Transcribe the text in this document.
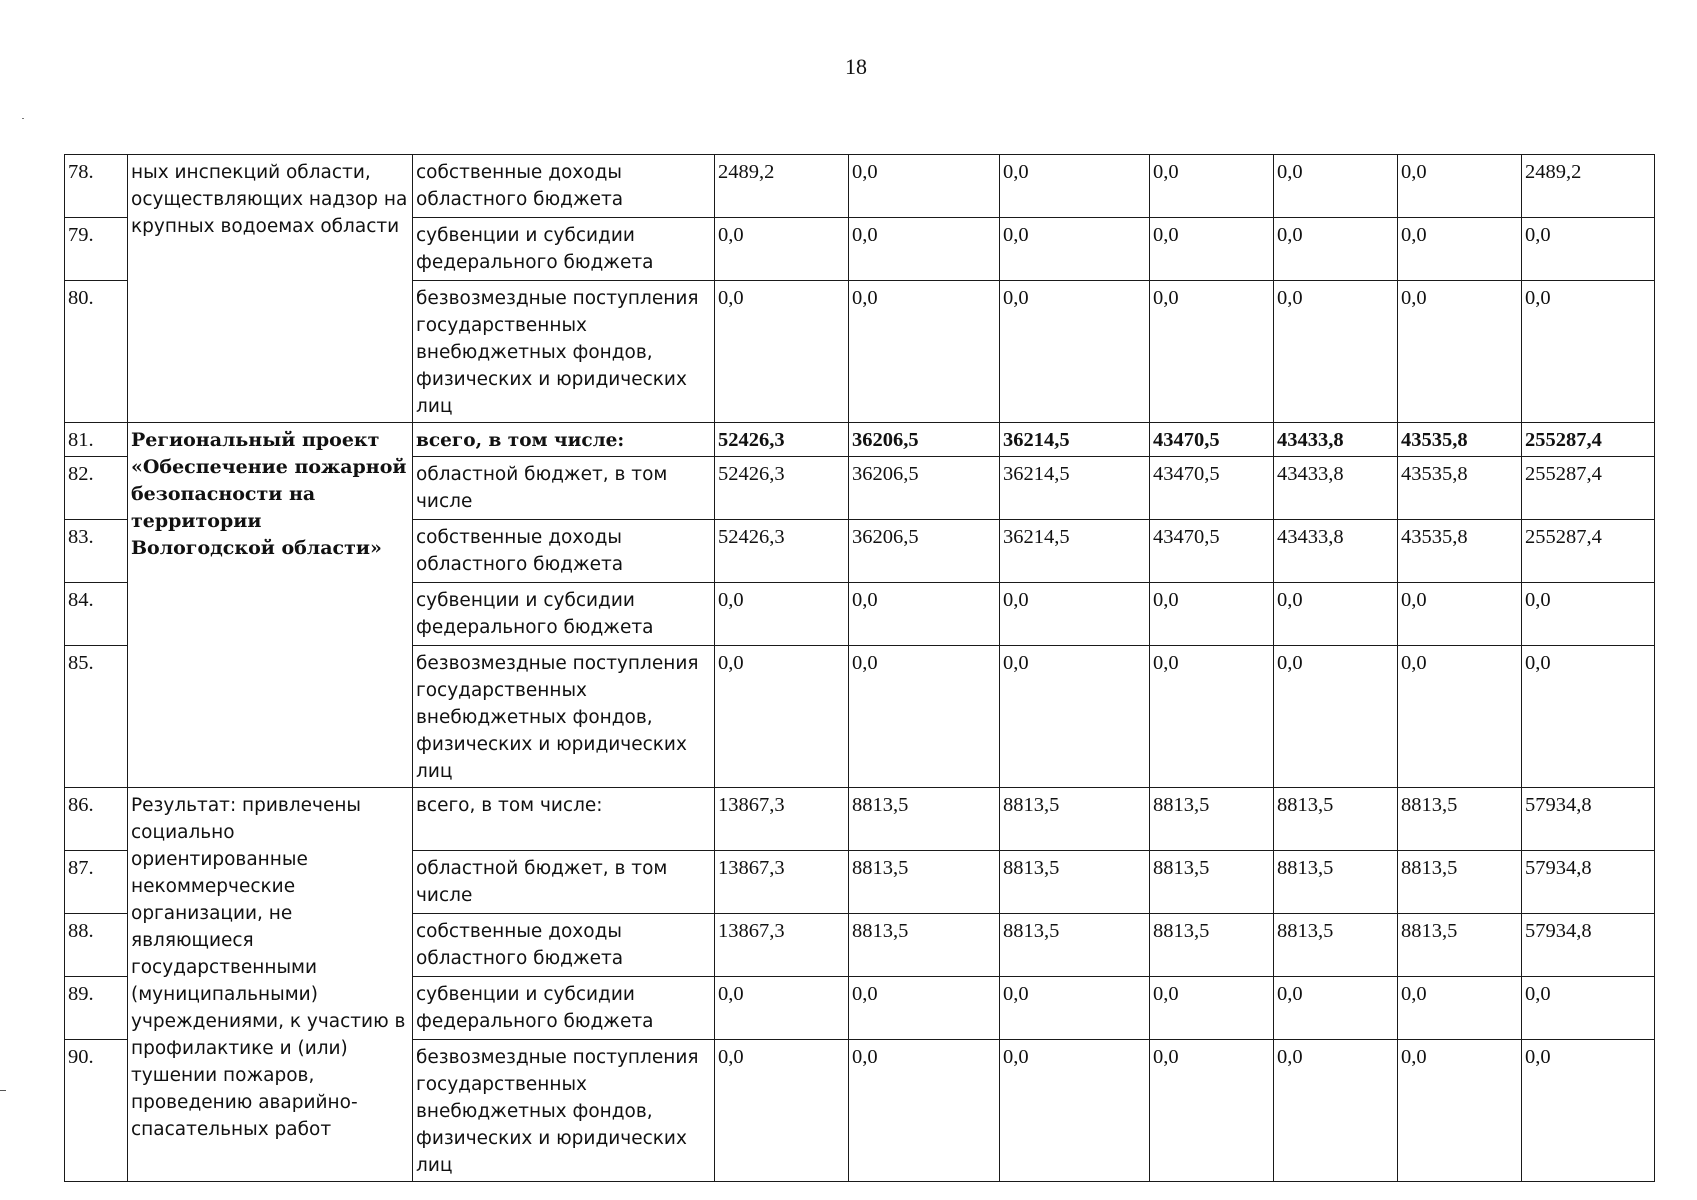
18
78.	ных инспекций области, осуществляющих надзор на крупных водоемах области	собственные доходы областного бюджета	2489,2	0,0	0,0	0,0	0,0	0,0	2489,2
79.		субвенции и субсидии федерального бюджета	0,0	0,0	0,0	0,0	0,0	0,0	0,0
80.		безвозмездные поступления государственных внебюджетных фондов, физических и юридических лиц	0,0	0,0	0,0	0,0	0,0	0,0	0,0
81.	Региональный проект «Обеспечение пожарной безопасности на территории Вологодской области»	всего, в том числе:	52426,3	36206,5	36214,5	43470,5	43433,8	43535,8	255287,4
82.		областной бюджет, в том числе	52426,3	36206,5	36214,5	43470,5	43433,8	43535,8	255287,4
83.		собственные доходы областного бюджета	52426,3	36206,5	36214,5	43470,5	43433,8	43535,8	255287,4
84.		субвенции и субсидии федерального бюджета	0,0	0,0	0,0	0,0	0,0	0,0	0,0
85.		безвозмездные поступления государственных внебюджетных фондов, физических и юридических лиц	0,0	0,0	0,0	0,0	0,0	0,0	0,0
86.	Результат: привлечены социально ориентированные некоммерческие организации, не являющиеся государственными (муниципальными) учреждениями, к участию в профилактике и (или) тушении пожаров, проведению аварийно-спасательных работ	всего, в том числе:	13867,3	8813,5	8813,5	8813,5	8813,5	8813,5	57934,8
87.		областной бюджет, в том числе	13867,3	8813,5	8813,5	8813,5	8813,5	8813,5	57934,8
88.		собственные доходы областного бюджета	13867,3	8813,5	8813,5	8813,5	8813,5	8813,5	57934,8
89.		субвенции и субсидии федерального бюджета	0,0	0,0	0,0	0,0	0,0	0,0	0,0
90.		безвозмездные поступления государственных внебюджетных фондов, физических и юридических лиц	0,0	0,0	0,0	0,0	0,0	0,0	0,0
